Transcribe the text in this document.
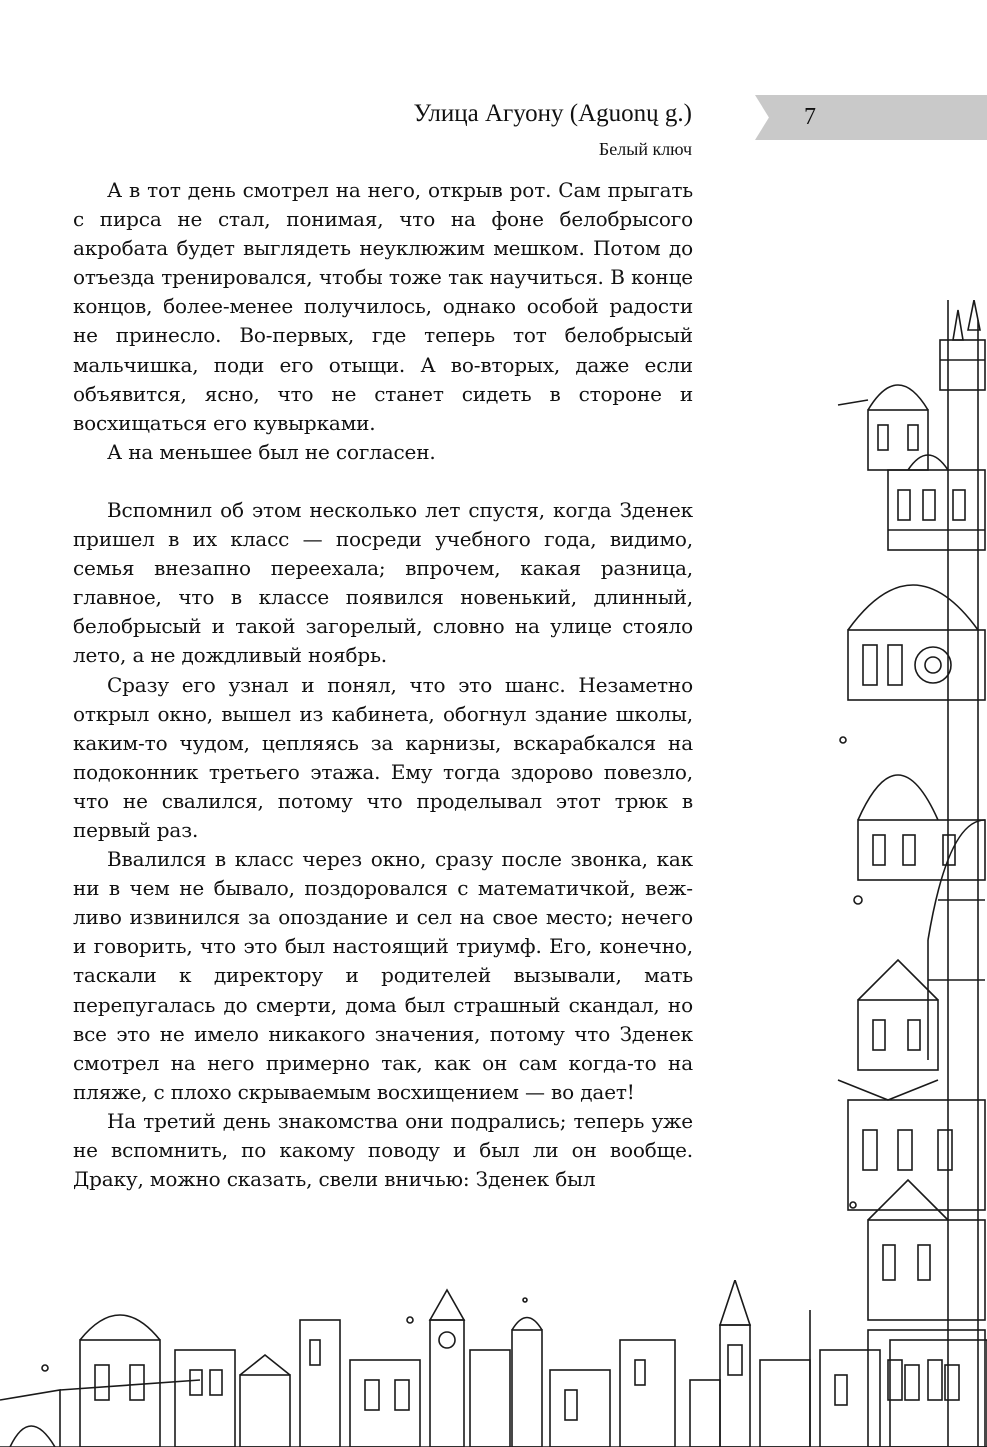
Улица Агуону (Aguonų g.)
Белый ключ
7

А в тот день смотрел на него, открыв рот. Сам прыгать с пирса не стал, понимая, что на фоне белобрысого акробата будет выглядеть неуклюжим мешком. Потом до отъезда тренировался, чтобы тоже так научиться. В конце концов, более-менее получилось, однако особой радости не принесло. Во-первых, где теперь тот белобрысый мальчишка, поди его отыщи. А во-вторых, даже если объявится, ясно, что не станет сидеть в стороне и восхищаться его кувырками.

А на меньшее был не согласен.

Вспомнил об этом несколько лет спустя, когда Зденек пришел в их класс — посреди учебного года, видимо, семья внезапно переехала; впрочем, какая разница, главное, что в классе появился новенький, длинный, белобрысый и такой загорелый, словно на улице стояло лето, а не дождливый ноябрь.

Сразу его узнал и понял, что это шанс. Незаметно открыл окно, вышел из кабинета, обогнул здание школы, каким-то чудом, цепляясь за карнизы, вскарабкался на подоконник третьего этажа. Ему тогда здорово повезло, что не свалился, потому что проделывал этот трюк в первый раз.

Ввалился в класс через окно, сразу после звонка, как ни в чем не бывало, поздоровался с математичкой, вежливо извинился за опоздание и сел на свое место; нечего и говорить, что это был настоящий триумф. Его, конечно, таскали к директору и родителей вызывали, мать перепугалась до смерти, дома был страшный скандал, но все это не имело никакого значения, потому что Зденек смотрел на него примерно так, как он сам когда-то на пляже, с плохо скрываемым восхищением — во дает!

На третий день знакомства они подрались; теперь уже не вспомнить, по какому поводу и был ли он вообще. Драку, можно сказать, свели вничью: Зденек был
